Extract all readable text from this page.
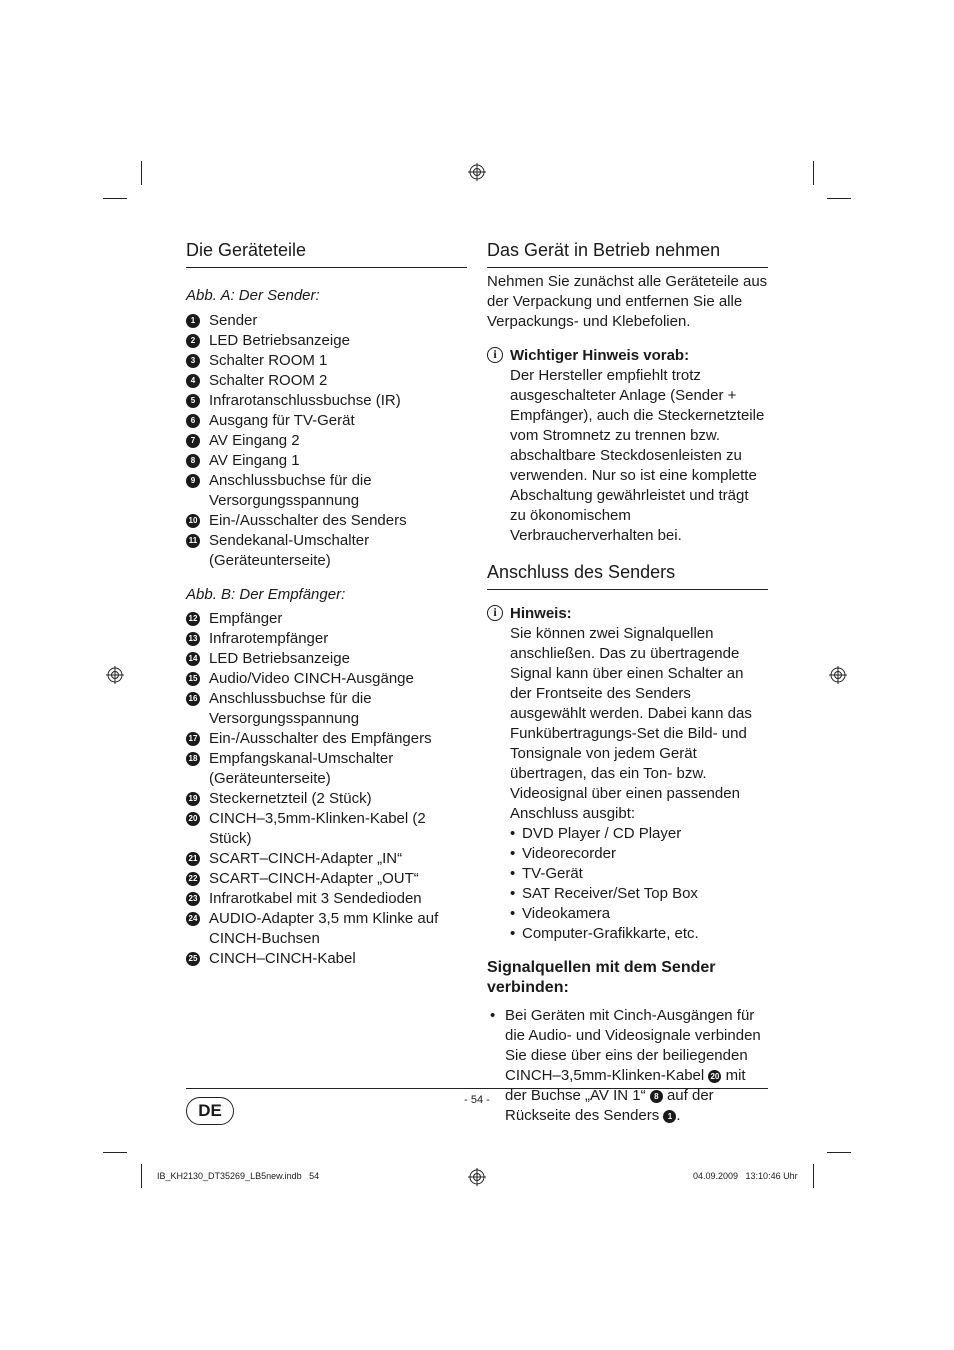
Die Geräteteile
Abb. A: Der Sender:
1 Sender
2 LED Betriebsanzeige
3 Schalter ROOM 1
4 Schalter ROOM 2
5 Infrarotanschlussbuchse (IR)
6 Ausgang für TV-Gerät
7 AV Eingang 2
8 AV Eingang 1
9 Anschlussbuchse für die Versorgungsspannung
10 Ein-/Ausschalter des Senders
11 Sendekanal-Umschalter (Geräteunterseite)
Abb. B: Der Empfänger:
12 Empfänger
13 Infrarotempfänger
14 LED Betriebsanzeige
15 Audio/Video CINCH-Ausgänge
16 Anschlussbuchse für die Versorgungsspannung
17 Ein-/Ausschalter des Empfängers
18 Empfangskanal-Umschalter (Geräteunterseite)
19 Steckernetzteil (2 Stück)
20 CINCH–3,5mm-Klinken-Kabel (2 Stück)
21 SCART–CINCH-Adapter „IN“
22 SCART–CINCH-Adapter „OUT“
23 Infrarotkabel mit 3 Sendedioden
24 AUDIO-Adapter 3,5 mm Klinke auf CINCH-Buchsen
25 CINCH–CINCH-Kabel
Das Gerät in Betrieb nehmen
Nehmen Sie zunächst alle Geräteteile aus der Verpackung und entfernen Sie alle Verpackungs- und Klebefolien.
i Wichtiger Hinweis vorab:
Der Hersteller empfiehlt trotz ausgeschalteter Anlage (Sender + Empfänger), auch die Steckernetzteile vom Stromnetz zu trennen bzw. abschaltbare Steckdosenleisten zu verwenden. Nur so ist eine komplette Abschaltung gewährleistet und trägt zu ökonomischem Verbraucherverhalten bei.
Anschluss des Senders
i Hinweis:
Sie können zwei Signalquellen anschließen. Das zu übertragende Signal kann über einen Schalter an der Frontseite des Senders ausgewählt werden. Dabei kann das Funkübertragungs-Set die Bild- und Tonsignale von jedem Gerät übertragen, das ein Ton- bzw. Videosignal über einen passenden Anschluss ausgibt:
• DVD Player / CD Player
• Videorecorder
• TV-Gerät
• SAT Receiver/Set Top Box
• Videokamera
• Computer-Grafikkarte, etc.
Signalquellen mit dem Sender verbinden:
• Bei Geräten mit Cinch-Ausgängen für die Audio- und Videosignale verbinden Sie diese über eins der beiliegenden CINCH–3,5mm-Klinken-Kabel 20 mit der Buchse „AV IN 1“ 8 auf der Rückseite des Senders 1 .
- 54 -
DE
IB_KH2130_DT35269_LB5new.indb   54	04.09.2009   13:10:46 Uhr
